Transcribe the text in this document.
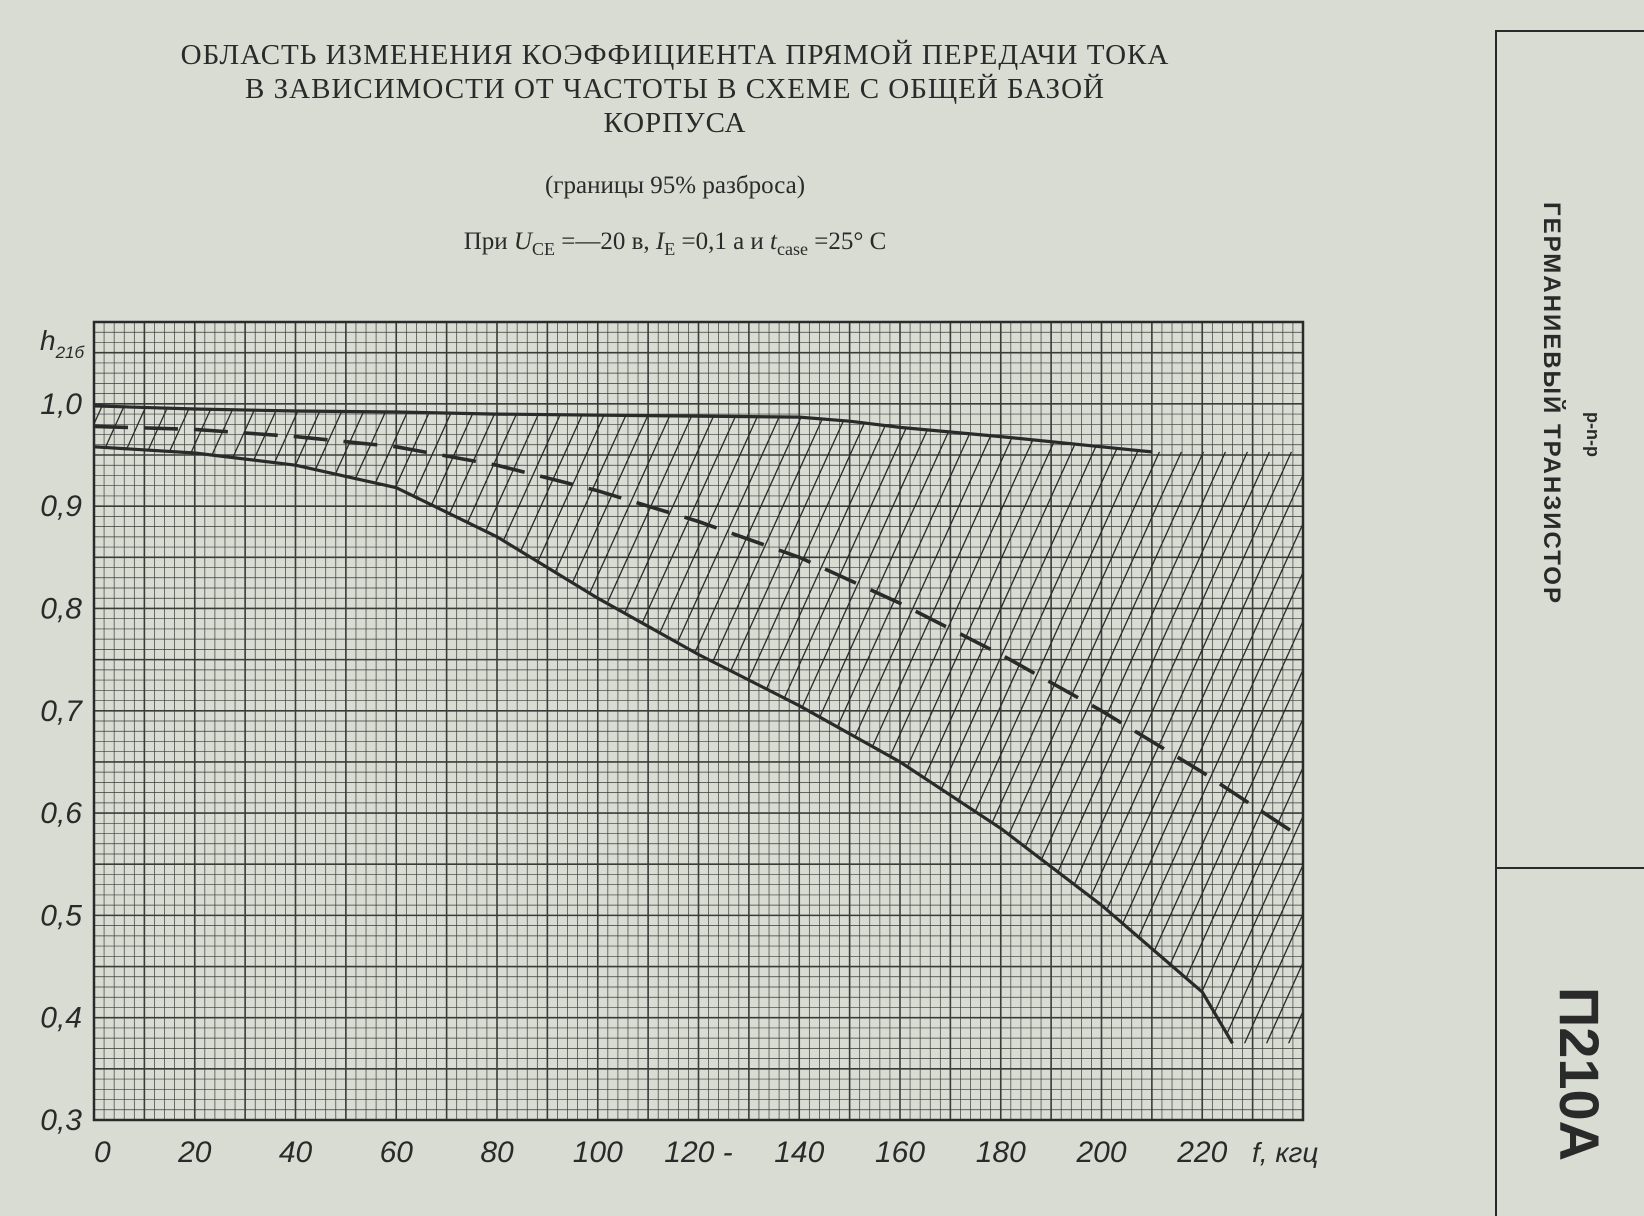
ОБЛАСТЬ ИЗМЕНЕНИЯ КОЭФФИЦИЕНТА ПРЯМОЙ ПЕРЕДАЧИ ТОКА
В ЗАВИСИМОСТИ ОТ ЧАСТОТЫ В СХЕМЕ С ОБЩЕЙ БАЗОЙ
КОРПУСА
(границы 95% разброса)
При $U_{CE}$ =—20 в, $I_E =0,1$ а и $t_{case} =25^\circ$ C	ГЕРМАНИЕВЫЙ ТРАНЗИСТОР p-n-p
П210А
0 20 40 60 80 100 120 - 140 160 180 200 220
0,3
0,4
0,5
0,6
0,7
0,8
0,9
1,0
$h_{21б}$
f, кгц
